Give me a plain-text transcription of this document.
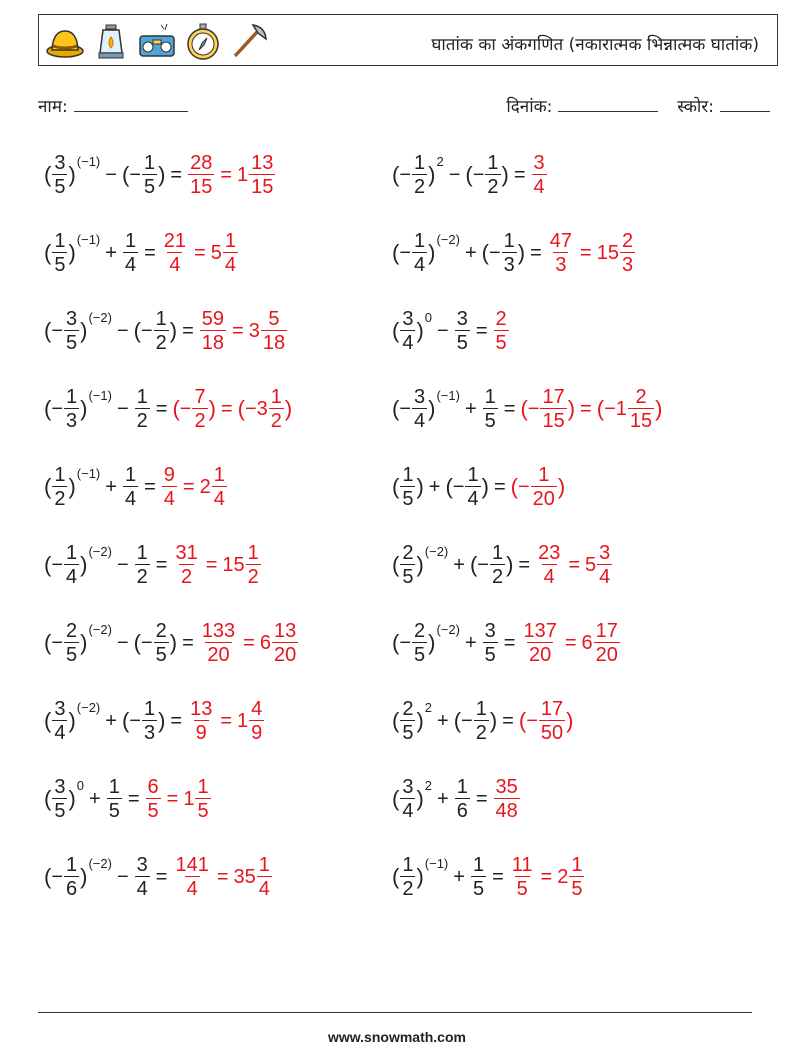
घातांक का अंकगणित (नकारात्मक भिन्नात्मक घातांक)
नाम:	दिनांक:	स्कोर:
( $\frac{3}{5}$ )
(−1)
− ( − $\frac{1}{5}$ ) = $\frac{28}{15} = 1 \frac{13}{15}$	( − $\frac{1}{2}$ )
2
− ( − $\frac{1}{2}$ ) = $\frac{3}{4}$
( $\frac{1}{5}$ )
(−1)
+ $\frac{1}{4} = \frac{21}{4} = 5 \frac{1}{4}$	( − $\frac{1}{4}$ )
(−2)
+ ( − $\frac{1}{3}$ ) = $\frac{47}{3} = 15 \frac{2}{3}$
( − $\frac{3}{5}$ )
(−2)
− ( − $\frac{1}{2}$ ) = $\frac{59}{18} = 3 \frac{5}{18}$	( $\frac{3}{4}$ )
0
− $\frac{3}{5} = \frac{2}{5}$
( − $\frac{1}{3}$ )
(−1)
− $\frac{1}{2}$ = ( − $\frac{7}{2}$ ) = ( $-3 \frac{1}{2}$ )	( − $\frac{3}{4}$ )
(−1)
+ $\frac{1}{5}$ = ( − $\frac{17}{15}$ ) = ( $-1 \frac{2}{15}$ )
( $\frac{1}{2}$ )
(−1)
+ $\frac{1}{4} = \frac{9}{4} = 2 \frac{1}{4}$	( $\frac{1}{5}$ ) + ( − $\frac{1}{4}$ ) = ( − $\frac{1}{20}$ )
( − $\frac{1}{4}$ )
(−2)
− $\frac{1}{2} = \frac{31}{2} = 15 \frac{1}{2}$	( $\frac{2}{5}$ )
(−2)
+ ( − $\frac{1}{2}$ ) = $\frac{23}{4} = 5 \frac{3}{4}$
( − $\frac{2}{5}$ )
(−2)
− ( − $\frac{2}{5}$ ) = $\frac{133}{20} = 6 \frac{13}{20}$	( − $\frac{2}{5}$ )
(−2)
+ $\frac{3}{5} = \frac{137}{20} = 6 \frac{17}{20}$
( $\frac{3}{4}$ )
(−2)
+ ( − $\frac{1}{3}$ ) = $\frac{13}{9} = 1 \frac{4}{9}$	( $\frac{2}{5}$ )
2
+ ( − $\frac{1}{2}$ ) = ( − $\frac{17}{50}$ )
( $\frac{3}{5}$ )
0
+ $\frac{1}{5} = \frac{6}{5} = 1 \frac{1}{5}$	( $\frac{3}{4}$ )
2
+ $\frac{1}{6} = \frac{35}{48}$
( − $\frac{1}{6}$ )
(−2)
− $\frac{3}{4} = \frac{141}{4} = 35 \frac{1}{4}$	( $\frac{1}{2}$ )
(−1)
+ $\frac{1}{5} = \frac{11}{5} = 2 \frac{1}{5}$
www.snowmath.com
